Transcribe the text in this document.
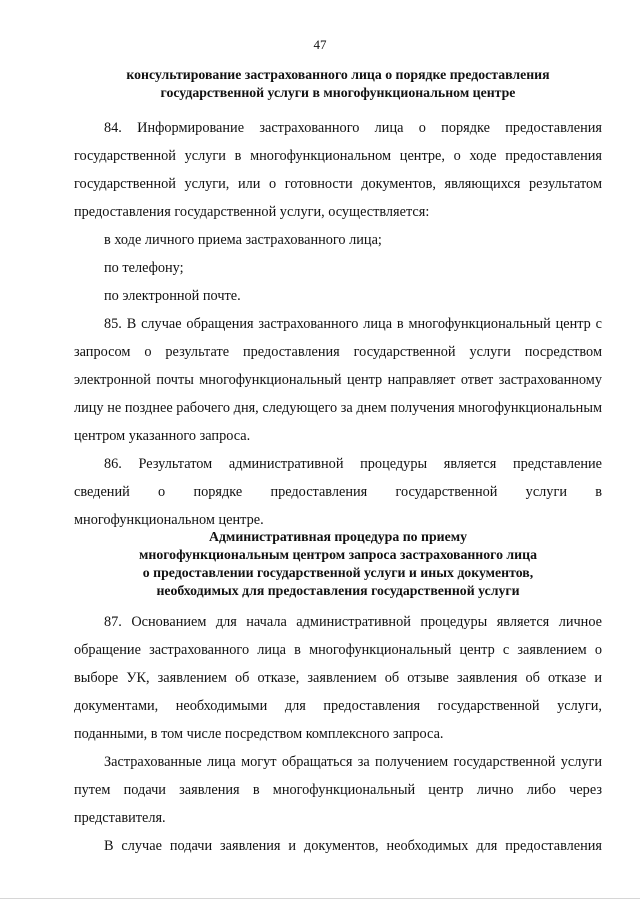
47
консультирование застрахованного лица о порядке предоставления
государственной услуги в многофункциональном центре

84. Информирование застрахованного лица о порядке предоставления государственной услуги в многофункциональном центре, о ходе предоставления государственной услуги, или о готовности документов, являющихся результатом предоставления государственной услуги, осуществляется:

в ходе личного приема застрахованного лица;

по телефону;

по электронной почте.

85. В случае обращения застрахованного лица в многофункциональный центр с запросом о результате предоставления государственной услуги посредством электронной почты многофункциональный центр направляет ответ застрахованному лицу не позднее рабочего дня, следующего за днем получения многофункциональным центром указанного запроса.

86. Результатом административной процедуры является представление

сведений о порядке предоставления государственной услуги в

многофункциональном центре.

Административная процедура по приему
многофункциональным центром запроса застрахованного лица
о предоставлении государственной услуги и иных документов,
необходимых для предоставления государственной услуги

87. Основанием для начала административной процедуры является личное обращение застрахованного лица в многофункциональный центр с заявлением о выборе УК, заявлением об отказе, заявлением об отзыве заявления об отказе и документами, необходимыми для предоставления государственной услуги, поданными, в том числе посредством комплексного запроса.

Застрахованные лица могут обращаться за получением государственной услуги путем подачи заявления в многофункциональный центр лично либо через представителя.

В случае подачи заявления и документов, необходимых для предоставления
